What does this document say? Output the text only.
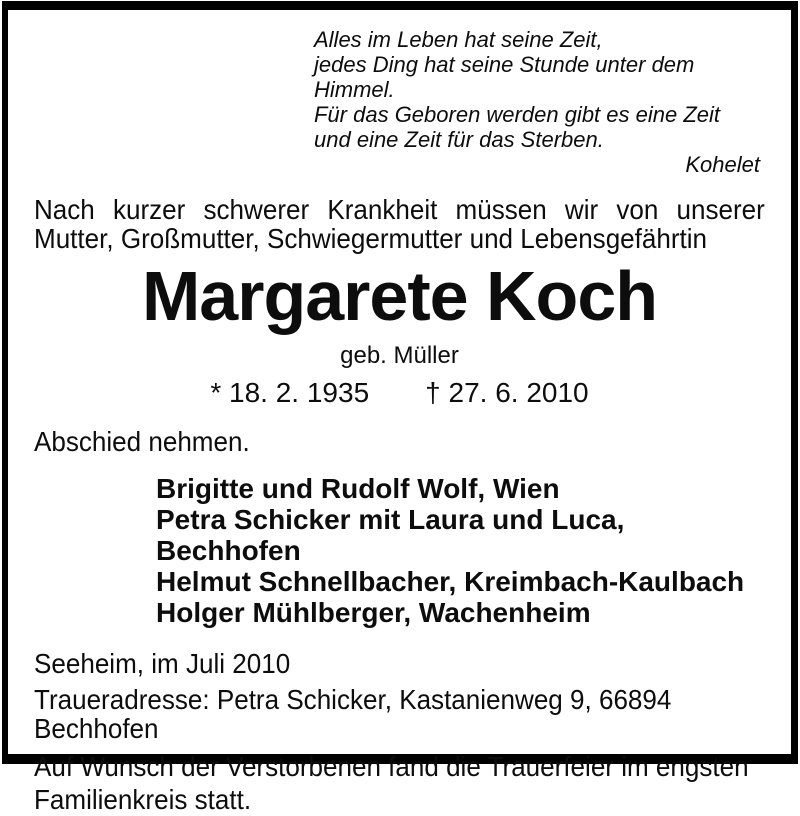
Alles im Leben hat seine Zeit,
jedes Ding hat seine Stunde unter dem Himmel.
Für das Geboren werden gibt es eine Zeit
und eine Zeit für das Sterben.
Kohelet
Nach kurzer schwerer Krankheit müssen wir von unserer
Mutter, Großmutter, Schwiegermutter und Lebensgefährtin
Margarete Koch
geb. Müller
* 18. 2. 1935 † 27. 6. 2010
Abschied nehmen.
Brigitte und Rudolf Wolf, Wien
Petra Schicker mit Laura und Luca, Bechhofen
Helmut Schnellbacher, Kreimbach-Kaulbach
Holger Mühlberger, Wachenheim
Seeheim, im Juli 2010
Traueradresse: Petra Schicker, Kastanienweg 9, 66894 Bechhofen
Auf Wunsch der Verstorbenen fand die Trauerfeier im engsten Familienkreis statt.
